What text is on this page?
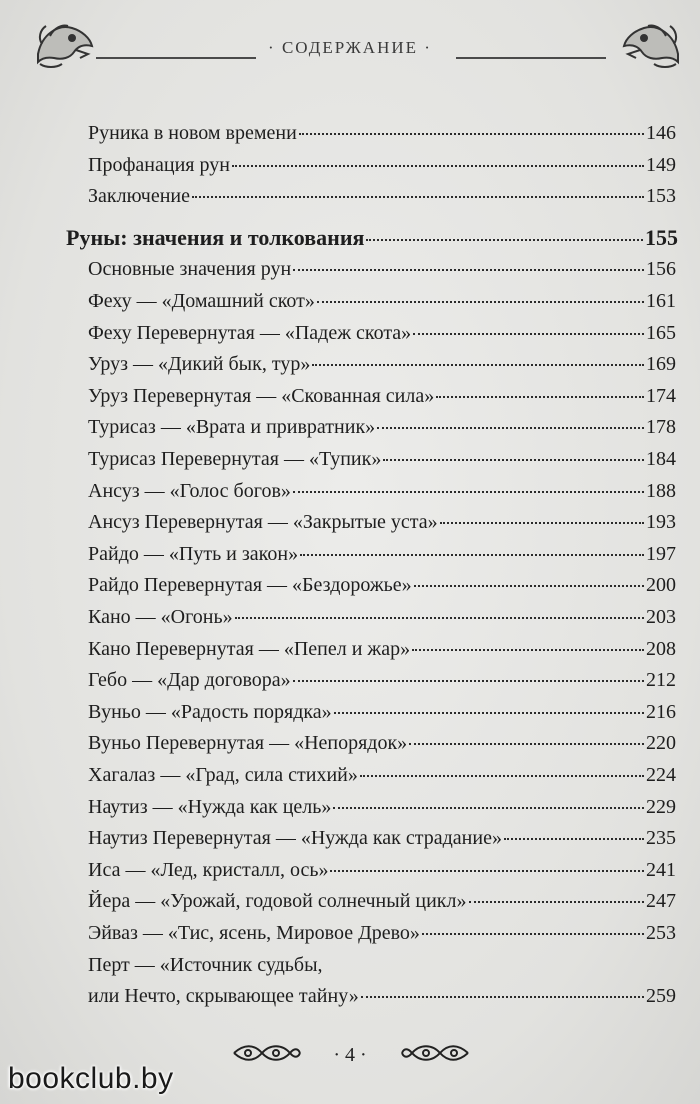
· СОДЕРЖАНИЕ ·
Руника в новом времени	146
Профанация рун	149
Заключение	153
Руны: значения и толкования	155
Основные значения рун	156
Феху — «Домашний скот»	161
Феху Перевернутая — «Падеж скота»	165
Уруз — «Дикий бык, тур»	169
Уруз Перевернутая — «Скованная сила»	174
Турисаз — «Врата и привратник»	178
Турисаз Перевернутая — «Тупик»	184
Ансуз — «Голос богов»	188
Ансуз Перевернутая — «Закрытые уста»	193
Райдо — «Путь и закон»	197
Райдо Перевернутая — «Бездорожье»	200
Кано — «Огонь»	203
Кано Перевернутая — «Пепел и жар»	208
Гебо — «Дар договора»	212
Вуньо — «Радость порядка»	216
Вуньо Перевернутая — «Непорядок»	220
Хагалаз — «Град, сила стихий»	224
Наутиз — «Нужда как цель»	229
Наутиз Перевернутая — «Нужда как страдание»	235
Иса — «Лед, кристалл, ось»	241
Йера — «Урожай, годовой солнечный цикл»	247
Эйваз — «Тис, ясень, Мировое Древо»	253
Перт — «Источник судьбы,
или Нечто, скрывающее тайну»	259
· 4 ·
bookclub.by
